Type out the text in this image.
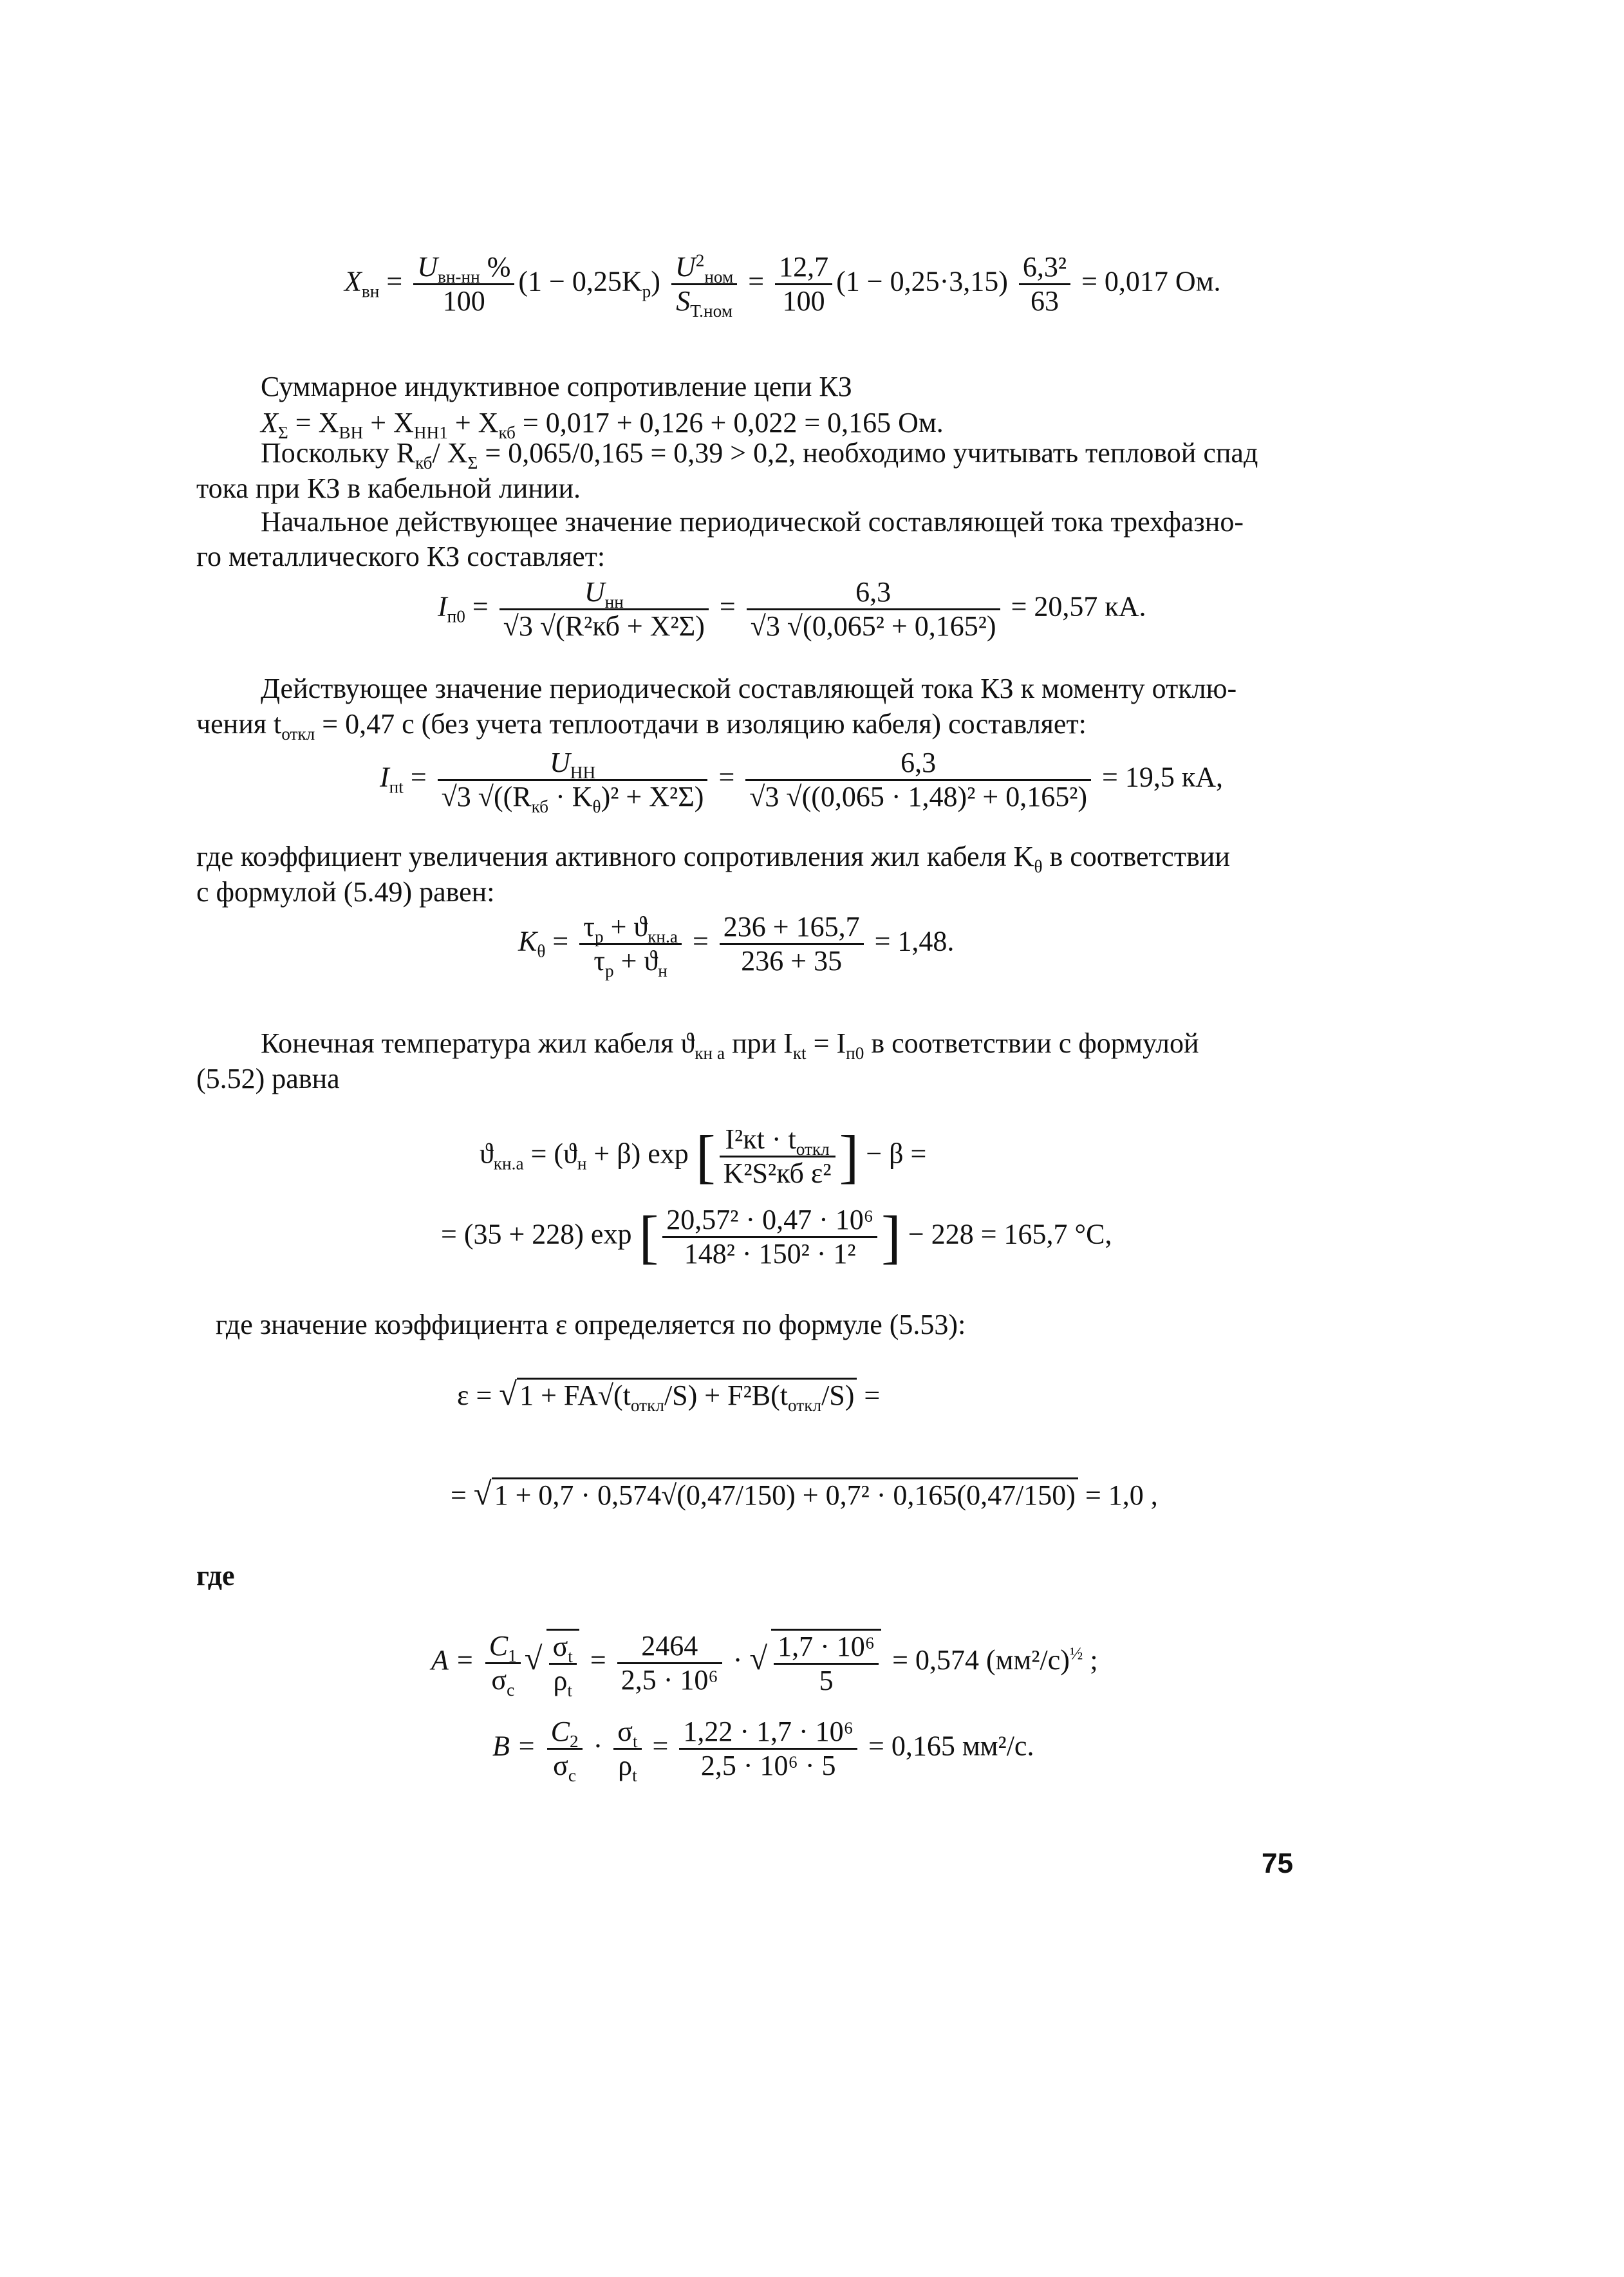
$X_{вн} = \frac{U_{вн-нн} \%}{100} (1 - 0,25K_р) \frac{U^2_{ном}}{S_{Т.ном}} = \frac{12,7}{100} (1 - 0,25\cdot 3,15) \frac{\text{6,3²}}{63} = 0,017$ Ом.
Суммарное индуктивное сопротивление цепи КЗ
$X_\Sigma = X_{ВН} + X_{НН1} + X_{кб} = 0,017 + 0,126 + 0,022 = 0,165$ Ом.
Поскольку $R_{кб}/$ $X_\Sigma = 0,065/0,165 = 0,39 > 0,2$, необходимо учитывать тепловой спад
тока при КЗ в кабельной линии.
Начальное действующее значение периодической составляющей тока трехфазно-
го металлического КЗ составляет:
$I_{п0} = \frac{U_{нн}}{\text{√3 √(R²кб + X²Σ)}} = \frac{6,3}{\text{√3 √(0,065² + 0,165²)}} = 20,57$ кА.
Действующее значение периодической составляющей тока КЗ к моменту отклю-
чения $t_{откл} = 0,47$ с (без учета теплоотдачи в изоляцию кабеля) составляет:
$I_{пt} = \frac{U_{НН}}{√3 √((R_{кб} \cdot K_\theta)^2 + X^2\Sigma)} = \frac{6,3}{\text{√3 √((0,065 · 1,48)² + 0,165²)}} = 19,5$ кА,
где коэффициент увеличения активного сопротивления жил кабеля $K_\theta$ в соответствии
с формулой (5.49) равен:
$K_\theta = \frac{\tau_р + ϑ_{кн.а}}{\tau_р + ϑ_н} = \frac{236 + 165,7}{236 + 35} = 1,48$.
Конечная температура жил кабеля $ϑ_{кн а}$ при $I_{кt} = I_{п0}$ в соответствии с формулой
(5.52) равна
$ϑ_{кн.а} = (ϑ_н + \beta)$ exp [ $\frac{I^2кt \cdot t_{откл}}{\text{K²S²кб ε²}}$ ] − β =
= (35 + 228) exp [ $\frac{\text{20,57² · 0,47 · 10⁶}}{\text{148² · 150² · 1²}}$ ] − 228 = 165,7 °С,
где значение коэффициента ε определяется по формуле (5.53):
$\varepsilon = √1 + FA√(t_{откл}/S) + F^2B(t_{откл}/S)$ =
= √1 + 0,7 · 0,574√(0,47/150) + 0,7² · 0,165(0,47/150) = 1,0 ,
где
$A = \frac{C_1}{\sigma_c}$ √ $\frac{\sigma_t}{\rho_t} = \frac{2464}{\text{2,5 · 10⁶}}$ · √ $\frac{\text{1,7 · 10⁶}}{5} = 0,574$ $(мм^2/с)^{\frac{1}{2}}$ ;
$B = \frac{C_2}{\sigma_c} \cdot \frac{\sigma_t}{\rho_t} = \frac{\text{1,22 · 1,7 · 10⁶}}{\text{2,5 · 10⁶ · 5}} = 0,165$ мм²/с.
75
